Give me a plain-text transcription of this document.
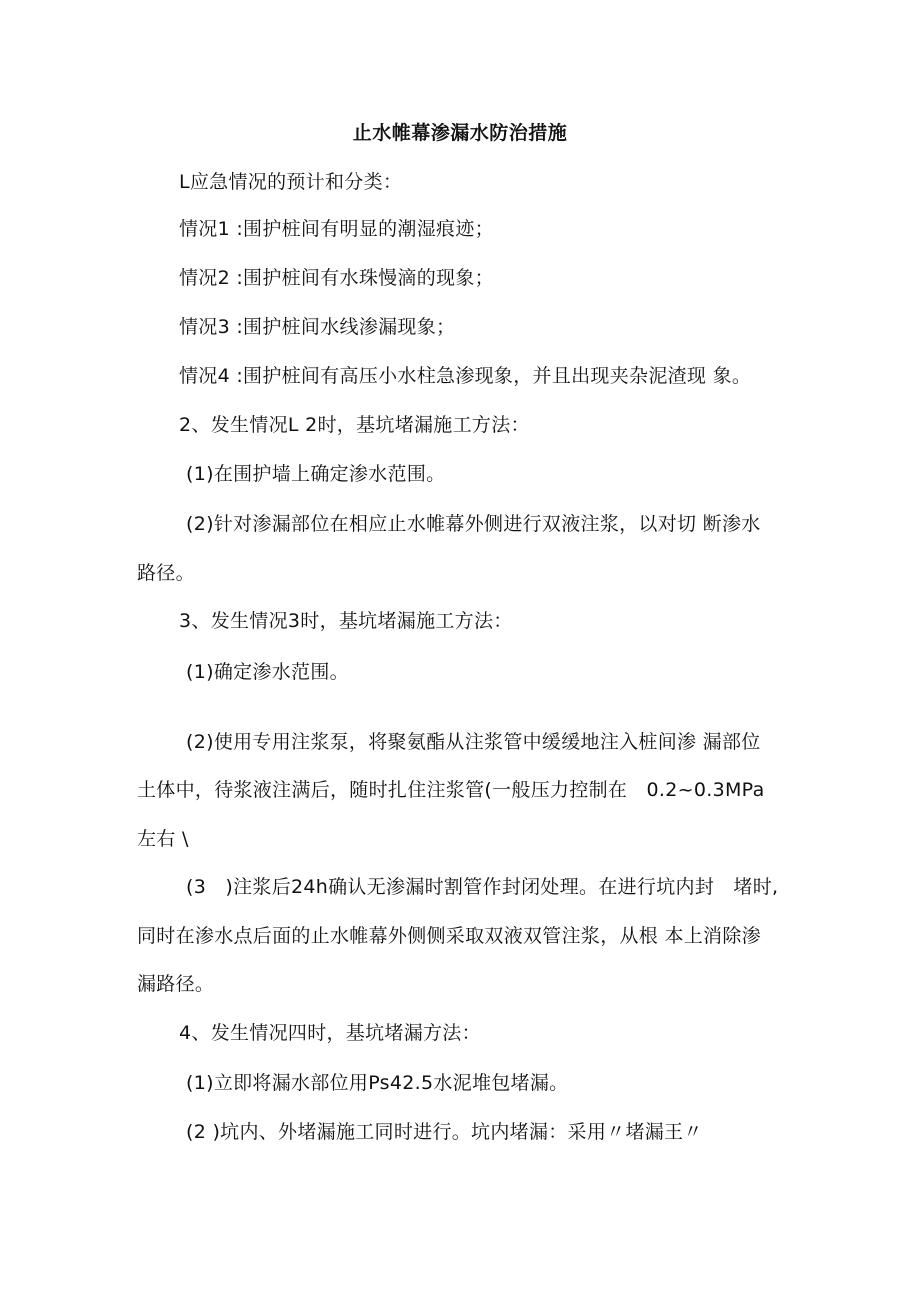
止水帷幕渗漏水防治措施
L应急情况的预计和分类：
情况1 :围护桩间有明显的潮湿痕迹；
情况2 :围护桩间有水珠慢滴的现象；
情况3 :围护桩间水线渗漏现象；
情况4 :围护桩间有高压小水柱急渗现象，并且出现夹杂泥渣现 象。
2、发生情况L 2时，基坑堵漏施工方法：
(1)在围护墙上确定渗水范围。
(2)针对渗漏部位在相应止水帷幕外侧进行双液注浆，以对切 断渗水
路径。
3、发生情况3时，基坑堵漏施工方法：
(1)确定渗水范围。
(2)使用专用注浆泵，将聚氨酯从注浆管中缓缓地注入桩间渗 漏部位
土体中，待浆液注满后，随时扎住注浆管(一般压力控制在　0.2~0.3MPa
左右 \
(3　)注浆后24h确认无渗漏时割管作封闭处理。在进行坑内封　堵时,
同时在渗水点后面的止水帷幕外侧侧采取双液双管注浆，从根 本上消除渗
漏路径。
4、发生情况四时，基坑堵漏方法：
(1)立即将漏水部位用Ps42.5水泥堆包堵漏。
(2 )坑内、外堵漏施工同时进行。坑内堵漏：采用〃堵漏王〃
